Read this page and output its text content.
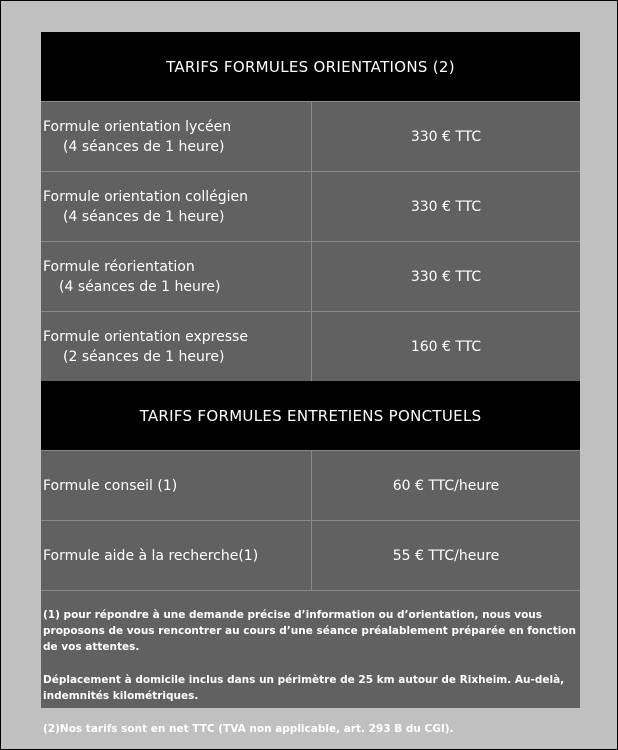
TARIFS FORMULES ORIENTATIONS (2)
Formule orientation lycéen
(4 séances de 1 heure)
330 € TTC
Formule orientation collégien
(4 séances de 1 heure)
330 € TTC
Formule réorientation
(4 séances de 1 heure)
330 € TTC
Formule orientation expresse
(2 séances de 1 heure)
160 € TTC
TARIFS FORMULES ENTRETIENS PONCTUELS
Formule conseil (1)	60 € TTC/heure
Formule aide à la recherche(1)	55 € TTC/heure

(1) pour répondre à une demande précise d’information ou d’orientation, nous vous proposons de vous rencontrer au cours d’une séance préalablement préparée en fonction de vos attentes.

Déplacement à domicile inclus dans un périmètre de 25 km autour de Rixheim. Au-delà, indemnités kilométriques.

(2)Nos tarifs sont en net TTC (TVA non applicable, art. 293 B du CGI).
